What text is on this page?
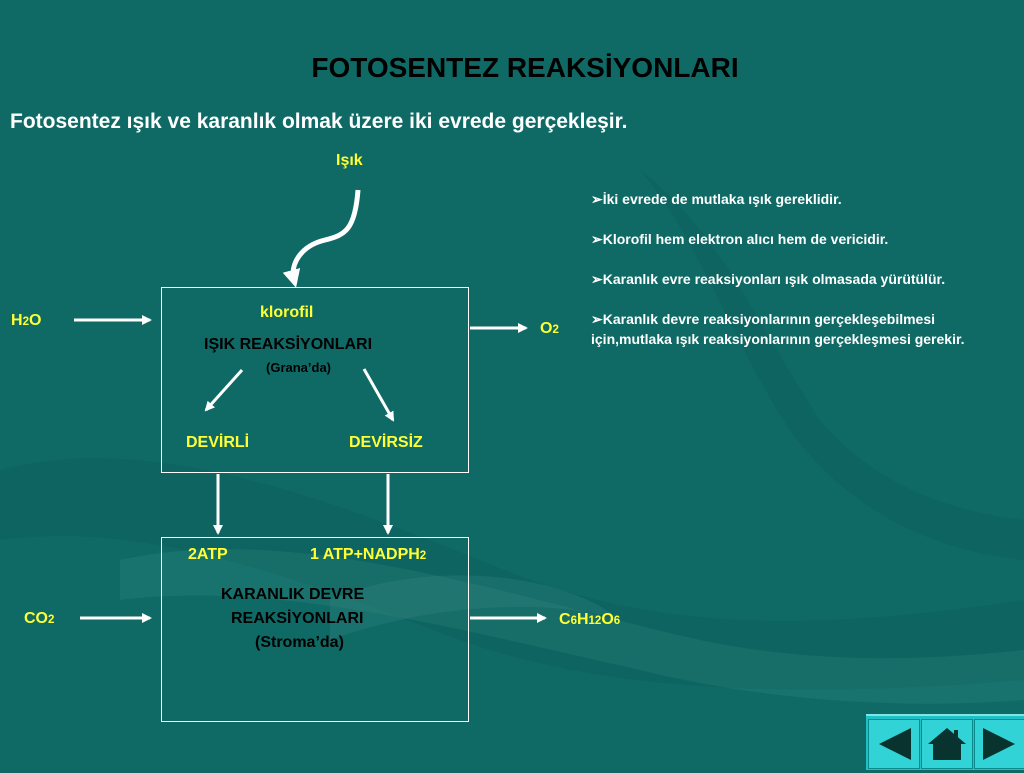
FOTOSENTEZ REAKSİYONLARI
Fotosentez ışık ve karanlık olmak üzere iki evrede gerçekleşir.
Işık
klorofil
IŞIK REAKSİYONLARI
(Grana’da)
DEVİRLİ	DEVİRSİZ
2ATP	1 ATP+NADPH2
KARANLIK DEVRE
REAKSİYONLARI
(Stroma’da)
H2O	O2
CO2	C6H12O6

➢İki evrede de mutlaka ışık gereklidir.

➢Klorofil hem elektron alıcı hem de vericidir.

➢Karanlık evre reaksiyonları ışık olmasada yürütülür.

➢Karanlık devre reaksiyonlarının gerçekleşebilmesi için,mutlaka ışık reaksiyonlarının gerçekleşmesi gerekir.
